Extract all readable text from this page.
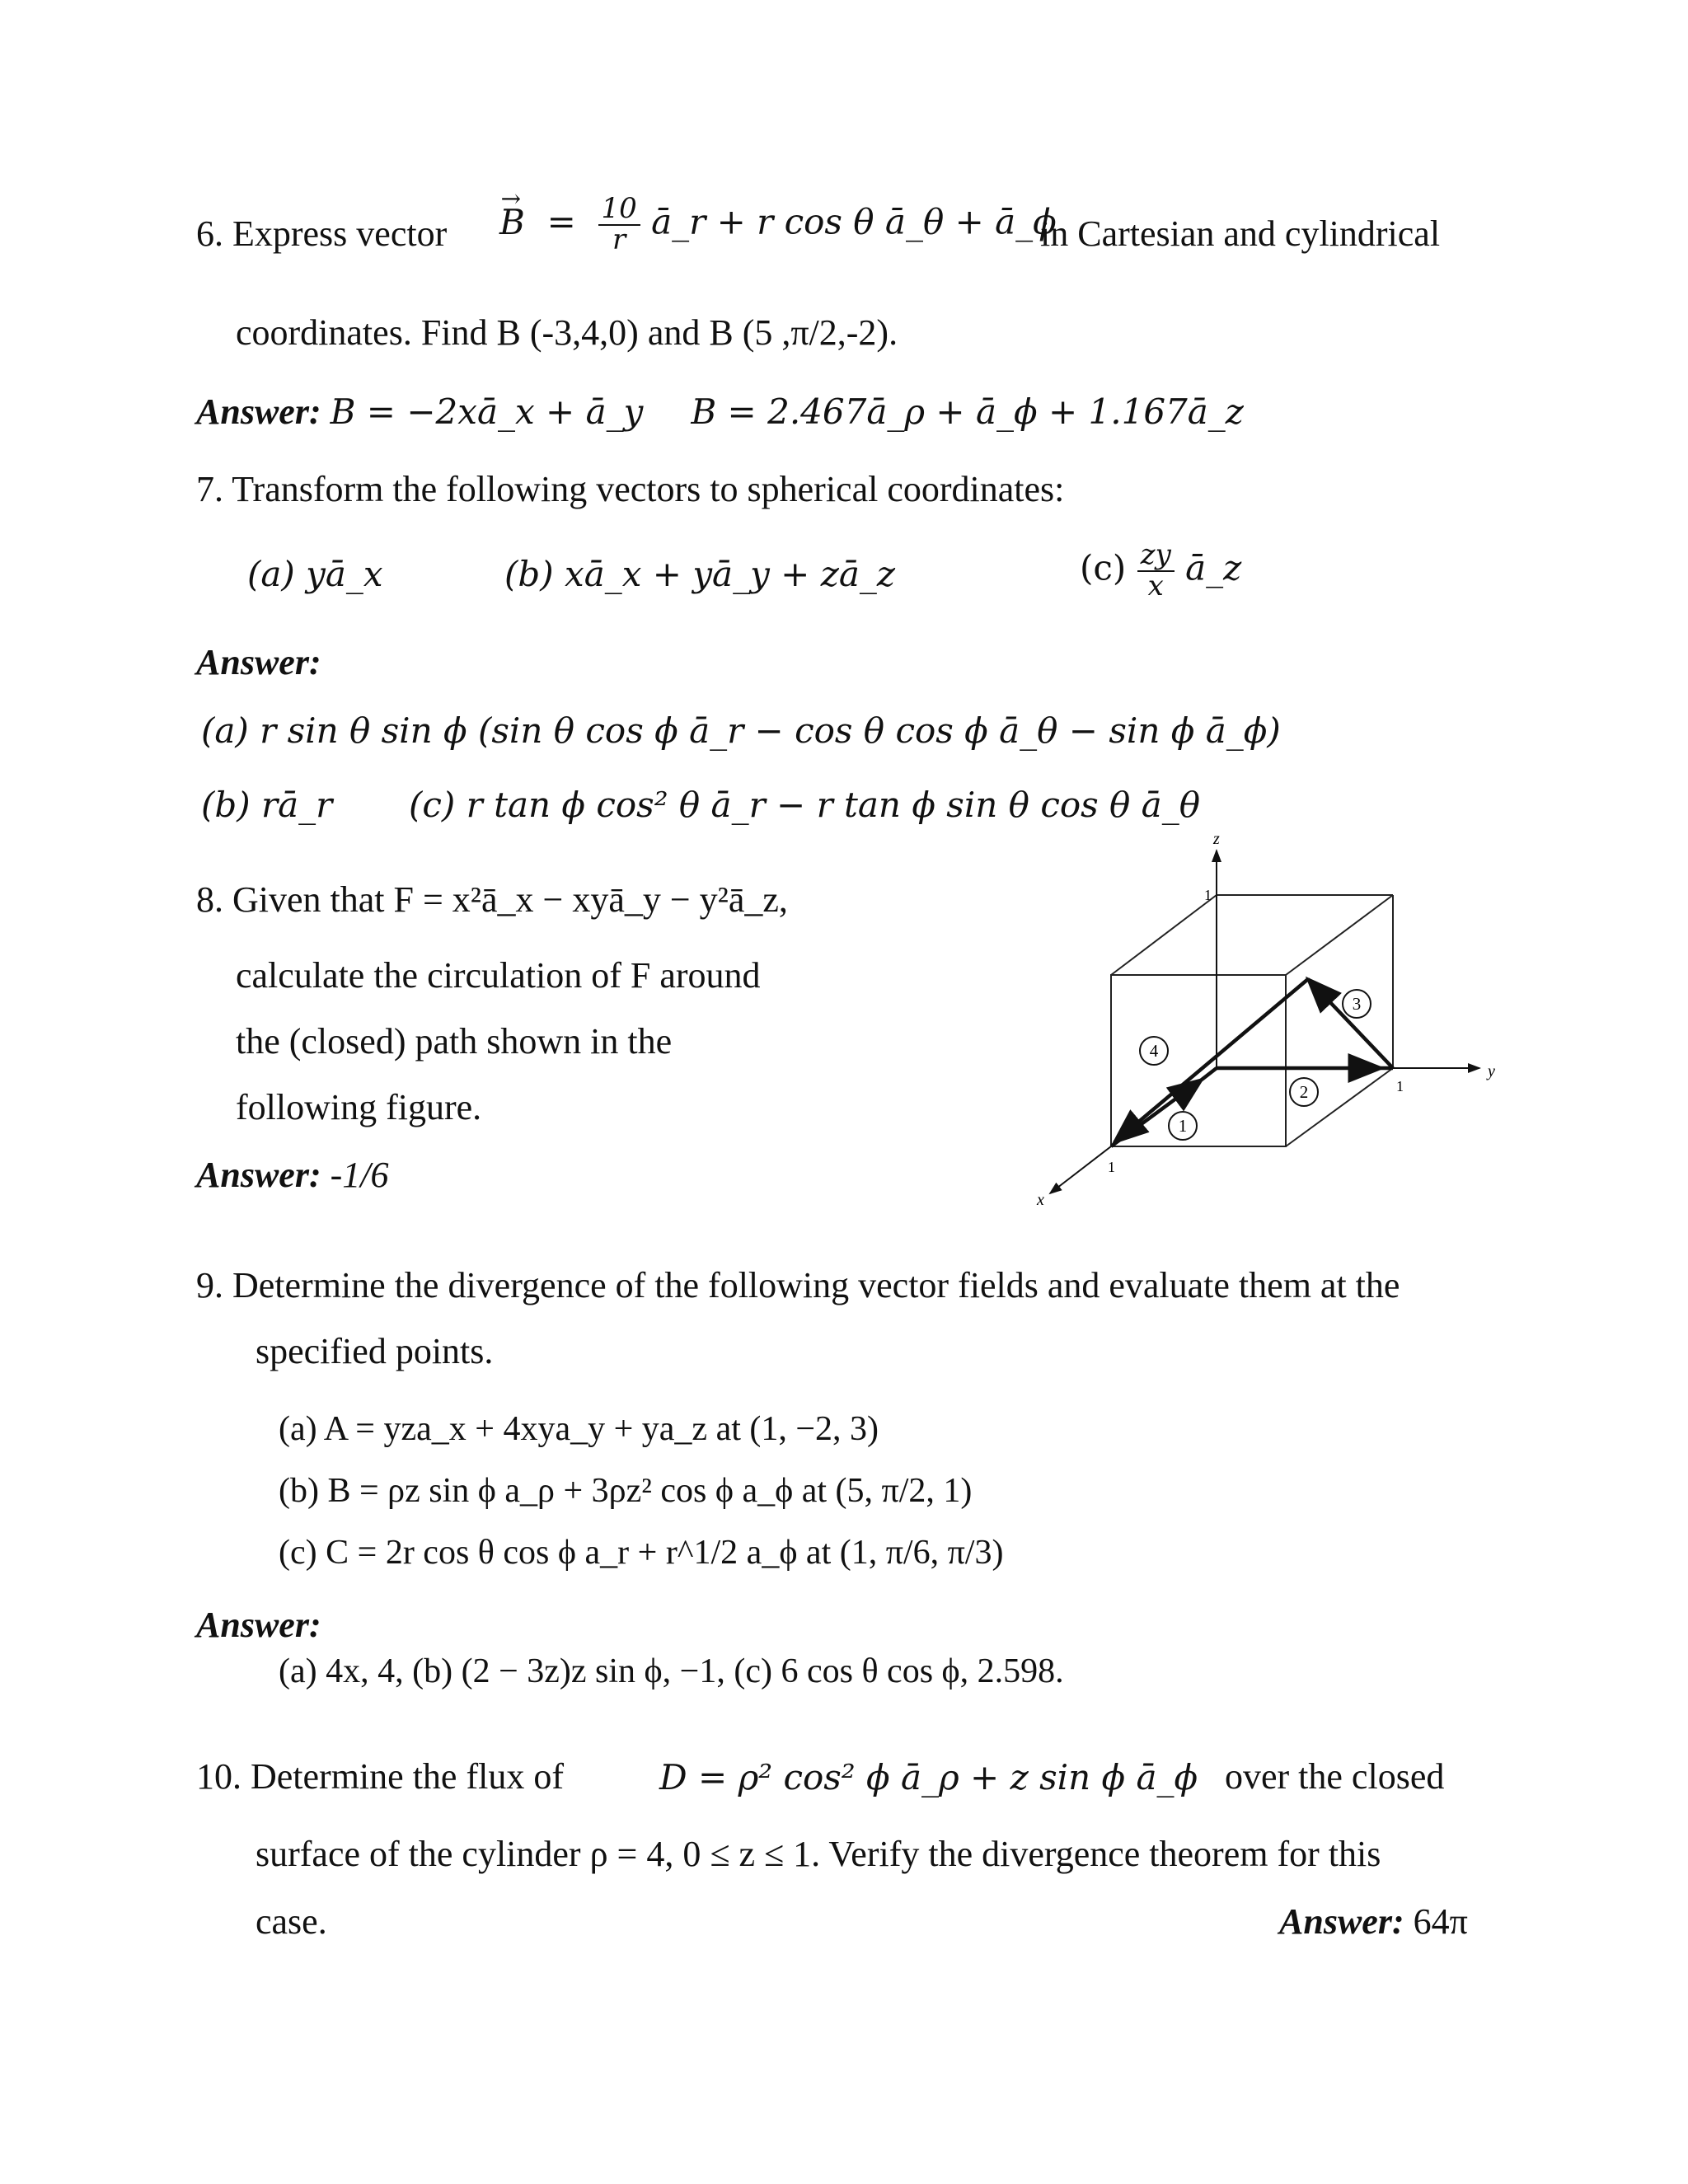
6. Express vector
→ $B = \frac{10}{r}$ ā_r + r cos θ ā_θ + ā_ϕ
in Cartesian and cylindrical
coordinates. Find B (-3,4,0) and B (5 ,π/2,-2).
Answer: B = −2xā_x + ā_y B = 2.467ā_ρ + ā_ϕ + 1.167ā_z
7. Transform the following vectors to spherical coordinates:
(a) yā_x	(b) xā_x + yā_y + zā_z	$(c) \frac{zy}{x}$ ā_z
Answer:
(a) r sin θ sin ϕ (sin θ cos ϕ ā_r − cos θ cos ϕ ā_θ − sin ϕ ā_ϕ)
(b) rā_r (c) r tan ϕ cos² θ ā_r − r tan ϕ sin θ cos θ ā_θ
8. Given that F = x²ā_x − xyā_y − y²ā_z,
calculate the circulation of F around
the (closed) path shown in the
following figure.
Answer: -1/6
1
2
3
4
z
y
x
1
1
1
9. Determine the divergence of the following vector fields and evaluate them at the
specified points.
(a) A = yza_x + 4xya_y + ya_z at (1, −2, 3)
(b) B = ρz sin ϕ a_ρ + 3ρz² cos ϕ a_ϕ at (5, π/2, 1)
(c) C = 2r cos θ cos ϕ a_r + r^1/2 a_ϕ at (1, π/6, π/3)
Answer:
(a) 4x, 4, (b) (2 − 3z)z sin ϕ, −1, (c) 6 cos θ cos ϕ, 2.598.
10. Determine the flux of	D = ρ² cos² ϕ ā_ρ + z sin ϕ ā_ϕ over the closed
surface of the cylinder ρ = 4, 0 ≤ z ≤ 1. Verify the divergence theorem for this
case.	Answer: 64π
